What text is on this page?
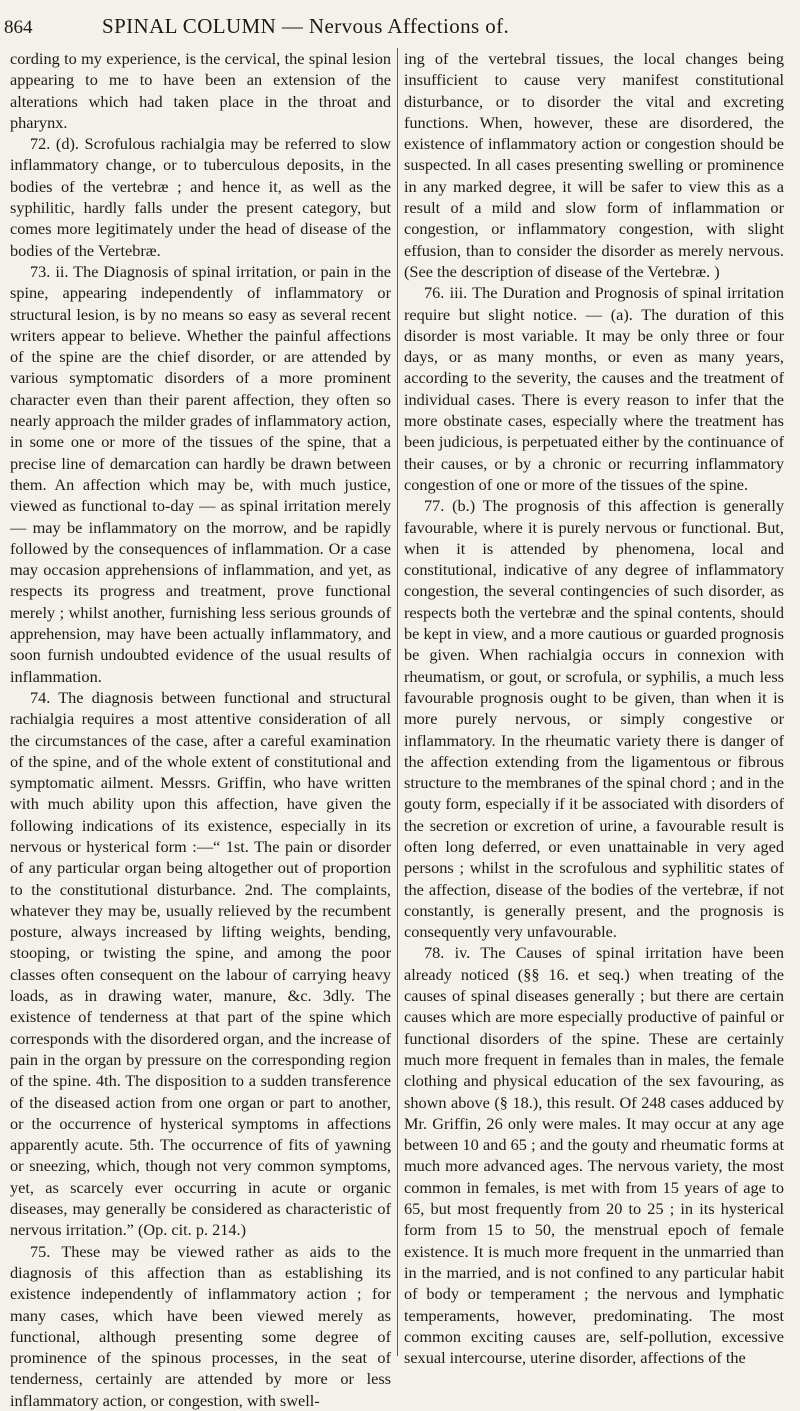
864	SPINAL COLUMN — Nervous Affections of.

cording to my experience, is the cervical, the spinal lesion appearing to me to have been an extension of the alterations which had taken place in the throat and pharynx.

72. (d). Scrofulous rachialgia may be referred to slow inflammatory change, or to tuberculous deposits, in the bodies of the vertebræ ; and hence it, as well as the syphilitic, hardly falls under the present category, but comes more legitimately under the head of disease of the bodies of the Vertebræ.

73. ii. The Diagnosis of spinal irritation, or pain in the spine, appearing independently of inflammatory or structural lesion, is by no means so easy as several recent writers appear to believe. Whether the painful affections of the spine are the chief disorder, or are attended by various symptomatic disorders of a more prominent character even than their parent affection, they often so nearly approach the milder grades of inflammatory action, in some one or more of the tissues of the spine, that a precise line of demarcation can hardly be drawn between them. An affection which may be, with much justice, viewed as functional to-day — as spinal irritation merely — may be inflammatory on the morrow, and be rapidly followed by the consequences of inflammation. Or a case may occasion apprehensions of inflammation, and yet, as respects its progress and treatment, prove functional merely ; whilst another, furnishing less serious grounds of apprehension, may have been actually inflammatory, and soon furnish undoubted evidence of the usual results of inflammation.

74. The diagnosis between functional and structural rachialgia requires a most attentive consideration of all the circumstances of the case, after a careful examination of the spine, and of the whole extent of constitutional and symptomatic ailment. Messrs. Griffin, who have written with much ability upon this affection, have given the following indications of its existence, especially in its nervous or hysterical form :—“ 1st. The pain or disorder of any particular organ being altogether out of proportion to the constitutional disturbance. 2nd. The complaints, whatever they may be, usually relieved by the recumbent posture, always increased by lifting weights, bending, stooping, or twisting the spine, and among the poor classes often consequent on the labour of carrying heavy loads, as in drawing water, manure, &c. 3dly. The existence of tenderness at that part of the spine which corresponds with the disordered organ, and the increase of pain in the organ by pressure on the corresponding region of the spine. 4th. The disposition to a sudden transference of the diseased action from one organ or part to another, or the occurrence of hysterical symptoms in affections apparently acute. 5th. The occurrence of fits of yawning or sneezing, which, though not very common symptoms, yet, as scarcely ever occurring in acute or organic diseases, may generally be considered as characteristic of nervous irritation.” (Op. cit. p. 214.)

75. These may be viewed rather as aids to the diagnosis of this affection than as establishing its existence independently of inflammatory action ; for many cases, which have been viewed merely as functional, although presenting some degree of prominence of the spinous processes, in the seat of tenderness, certainly are attended by more or less inflammatory action, or congestion, with swell-

ing of the vertebral tissues, the local changes being insufficient to cause very manifest constitutional disturbance, or to disorder the vital and excreting functions. When, however, these are disordered, the existence of inflammatory action or congestion should be suspected. In all cases presenting swelling or prominence in any marked degree, it will be safer to view this as a result of a mild and slow form of inflammation or congestion, or inflammatory congestion, with slight effusion, than to consider the disorder as merely nervous. (See the description of disease of the Vertebræ. )

76. iii. The Duration and Prognosis of spinal irritation require but slight notice. — (a). The duration of this disorder is most variable. It may be only three or four days, or as many months, or even as many years, according to the severity, the causes and the treatment of individual cases. There is every reason to infer that the more obstinate cases, especially where the treatment has been judicious, is perpetuated either by the continuance of their causes, or by a chronic or recurring inflammatory congestion of one or more of the tissues of the spine.

77. (b.) The prognosis of this affection is generally favourable, where it is purely nervous or functional. But, when it is attended by phenomena, local and constitutional, indicative of any degree of inflammatory congestion, the several contingencies of such disorder, as respects both the vertebræ and the spinal contents, should be kept in view, and a more cautious or guarded prognosis be given. When rachialgia occurs in connexion with rheumatism, or gout, or scrofula, or syphilis, a much less favourable prognosis ought to be given, than when it is more purely nervous, or simply congestive or inflammatory. In the rheumatic variety there is danger of the affection extending from the ligamentous or fibrous structure to the membranes of the spinal chord ; and in the gouty form, especially if it be associated with disorders of the secretion or excretion of urine, a favourable result is often long deferred, or even unattainable in very aged persons ; whilst in the scrofulous and syphilitic states of the affection, disease of the bodies of the vertebræ, if not constantly, is generally present, and the prognosis is consequently very unfavourable.

78. iv. The Causes of spinal irritation have been already noticed (§§ 16. et seq.) when treating of the causes of spinal diseases generally ; but there are certain causes which are more especially productive of painful or functional disorders of the spine. These are certainly much more frequent in females than in males, the female clothing and physical education of the sex favouring, as shown above (§ 18.), this result. Of 248 cases adduced by Mr. Griffin, 26 only were males. It may occur at any age between 10 and 65 ; and the gouty and rheumatic forms at much more advanced ages. The nervous variety, the most common in females, is met with from 15 years of age to 65, but most frequently from 20 to 25 ; in its hysterical form from 15 to 50, the menstrual epoch of female existence. It is much more frequent in the unmarried than in the married, and is not confined to any particular habit of body or temperament ; the nervous and lymphatic temperaments, however, predominating. The most common exciting causes are, self-pollution, excessive sexual intercourse, uterine disorder, affections of the
